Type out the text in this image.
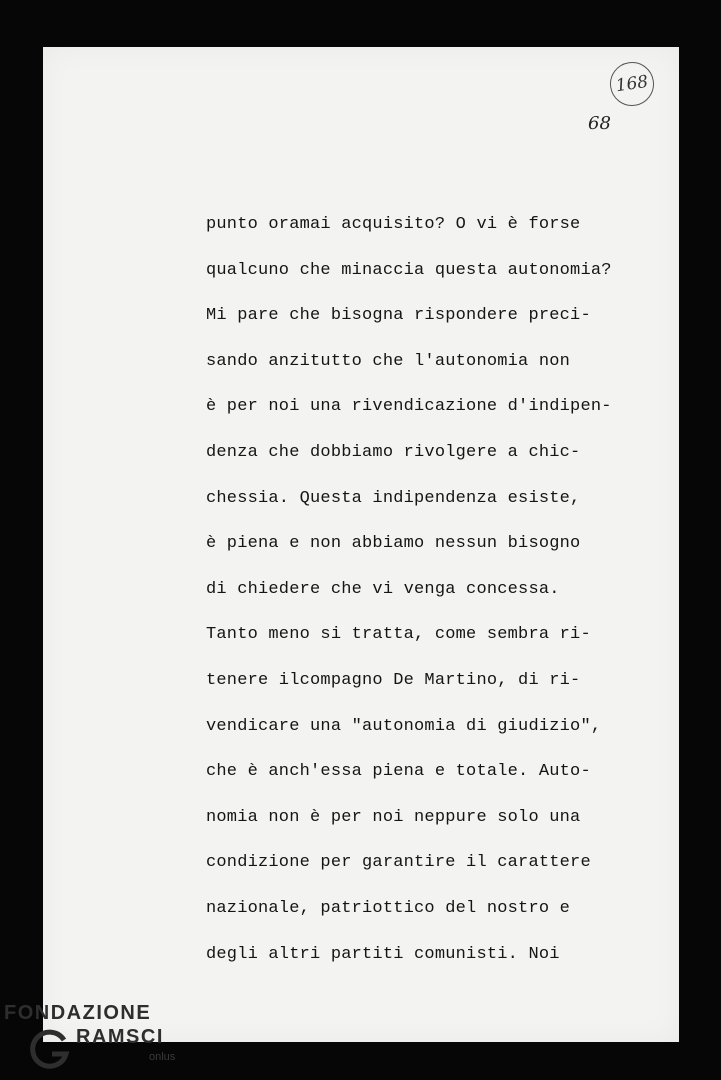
168
68
punto oramai acquisito? O vi è forse
qualcuno che minaccia questa autonomia?
Mi pare che bisogna rispondere preci-
sando anzitutto che l'autonomia non
è per noi una rivendicazione d'indipen-
denza che dobbiamo rivolgere a chic-
chessia. Questa indipendenza esiste,
è piena e non abbiamo nessun bisogno
di chiedere che vi venga concessa.
Tanto meno si tratta, come sembra ri-
tenere ilcompagno De Martino, di ri-
vendicare una "autonomia di giudizio",
che è anch'essa piena e totale. Auto-
nomia non è per noi neppure solo una
condizione per garantire il carattere
nazionale, patriottico del nostro e
degli altri partiti comunisti. Noi
FONDAZIONE
RAMSCI
onlus
